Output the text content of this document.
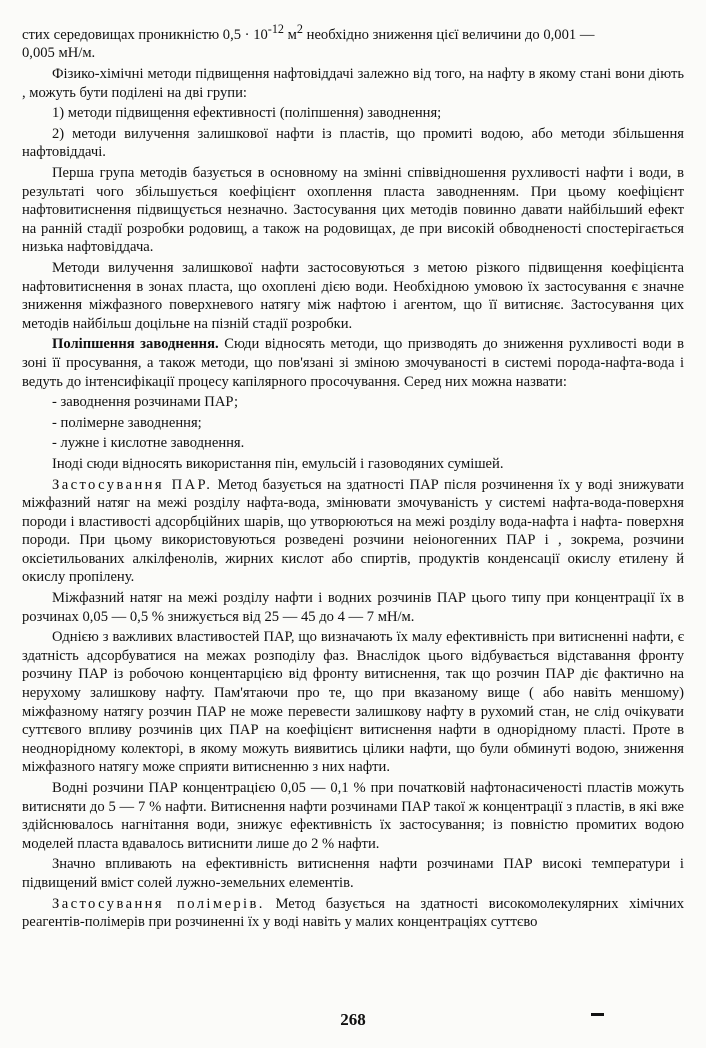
стих середовищах проникністю $0,5 \cdot 10^{-12}$ $м^2$ необхідно зниження цієї величини до 0,001 —
0,005 мН/м.

Фізико-хімічні методи підвищення нафтовіддачі залежно від того, на нафту в якому стані вони діють , можуть бути поділені на дві групи:

1) методи підвищення ефективності (поліпшення) заводнення;

2) методи вилучення залишкової нафти із пластів, що промиті водою, або методи збільшення нафтовіддачі.

Перша група методів базується в основному на змінні співвідношення рухливості нафти і води, в результаті чого збільшується коефіцієнт охоплення пласта заводненням. При цьому коефіцієнт нафтовитиснення підвищується незначно. Застосування цих методів повинно давати найбільший ефект на ранній стадії розробки родовищ, а також на родовищах, де при високій обводненості спостерігається низька нафтовіддача.

Методи вилучення залишкової нафти застосовуються з метою різкого підвищення коефіцієнта нафтовитиснення в зонах пласта, що охоплені дією води. Необхідною умовою їх застосування є значне зниження міжфазного поверхневого натягу між нафтою і агентом, що її витисняє. Застосування цих методів найбільш доцільне на пізній стадії розробки.

Поліпшення заводнення. Сюди відносять методи, що призводять до зниження рухливості води в зоні її просування, а також методи, що пов'язані зі зміною змочуваності в системі порода-нафта-вода і ведуть до інтенсифікації процесу капілярного просочування. Серед них можна назвати:

- заводнення розчинами ПАР;

- полімерне заводнення;

- лужне і кислотне заводнення.

Іноді сюди відносять використання пін, емульсій і газоводяних сумішей.

Застосування ПАР. Метод базується на здатності ПАР після розчинення їх у воді знижувати міжфазний натяг на межі розділу нафта-вода, змінювати змочуваність у системі нафта-вода-поверхня породи і властивості адсорбційних шарів, що утворюються на межі розділу вода-нафта і нафта- поверхня породи. При цьому використовуються розведені розчини неіоногенних ПАР і , зокрема, розчини оксіетильованих алкілфенолів, жирних кислот або спиртів, продуктів конденсації окислу етилену й окислу пропілену.

Міжфазний натяг на межі розділу нафти і водних розчинів ПАР цього типу при концентрації їх в розчинах 0,05 — 0,5 % знижується від 25 — 45 до 4 — 7 мН/м.

Однією з важливих властивостей ПАР, що визначають їх малу ефективність при витисненні нафти, є здатність адсорбуватися на межах розподілу фаз. Внаслідок цього відбувається відставання фронту розчину ПАР із робочою концентарцією від фронту витиснення, так що розчин ПАР діє фактично на нерухому залишкову нафту. Пам'ятаючи про те, що при вказаному вище ( або навіть меншому) міжфазному натягу розчин ПАР не може перевести залишкову нафту в рухомий стан, не слід очікувати суттєвого впливу розчинів цих ПАР на коефіцієнт витиснення нафти в однорідному пласті. Проте в неоднорідному колекторі, в якому можуть виявитись цілики нафти, що були обминуті водою, зниження міжфазного натягу може сприяти витисненню з них нафти.

Водні розчини ПАР концентрацією 0,05 — 0,1 % при початковій нафтонасиченості пластів можуть витисняти до 5 — 7 % нафти. Витиснення нафти розчинами ПАР такої ж концентрації з пластів, в які вже здійснювалось нагнітання води, знижує ефективність їх застосування; із повністю промитих водою моделей пласта вдавалось витиснити лише до 2 % нафти.

Значно впливають на ефективність витиснення нафти розчинами ПАР високі температури і підвищений вміст солей лужно-земельних елементів.

Застосування полімерів. Метод базується на здатності високомолекулярних хімічних реагентів-полімерів при розчиненні їх у воді навіть у малих концентраціях суттєво

268
